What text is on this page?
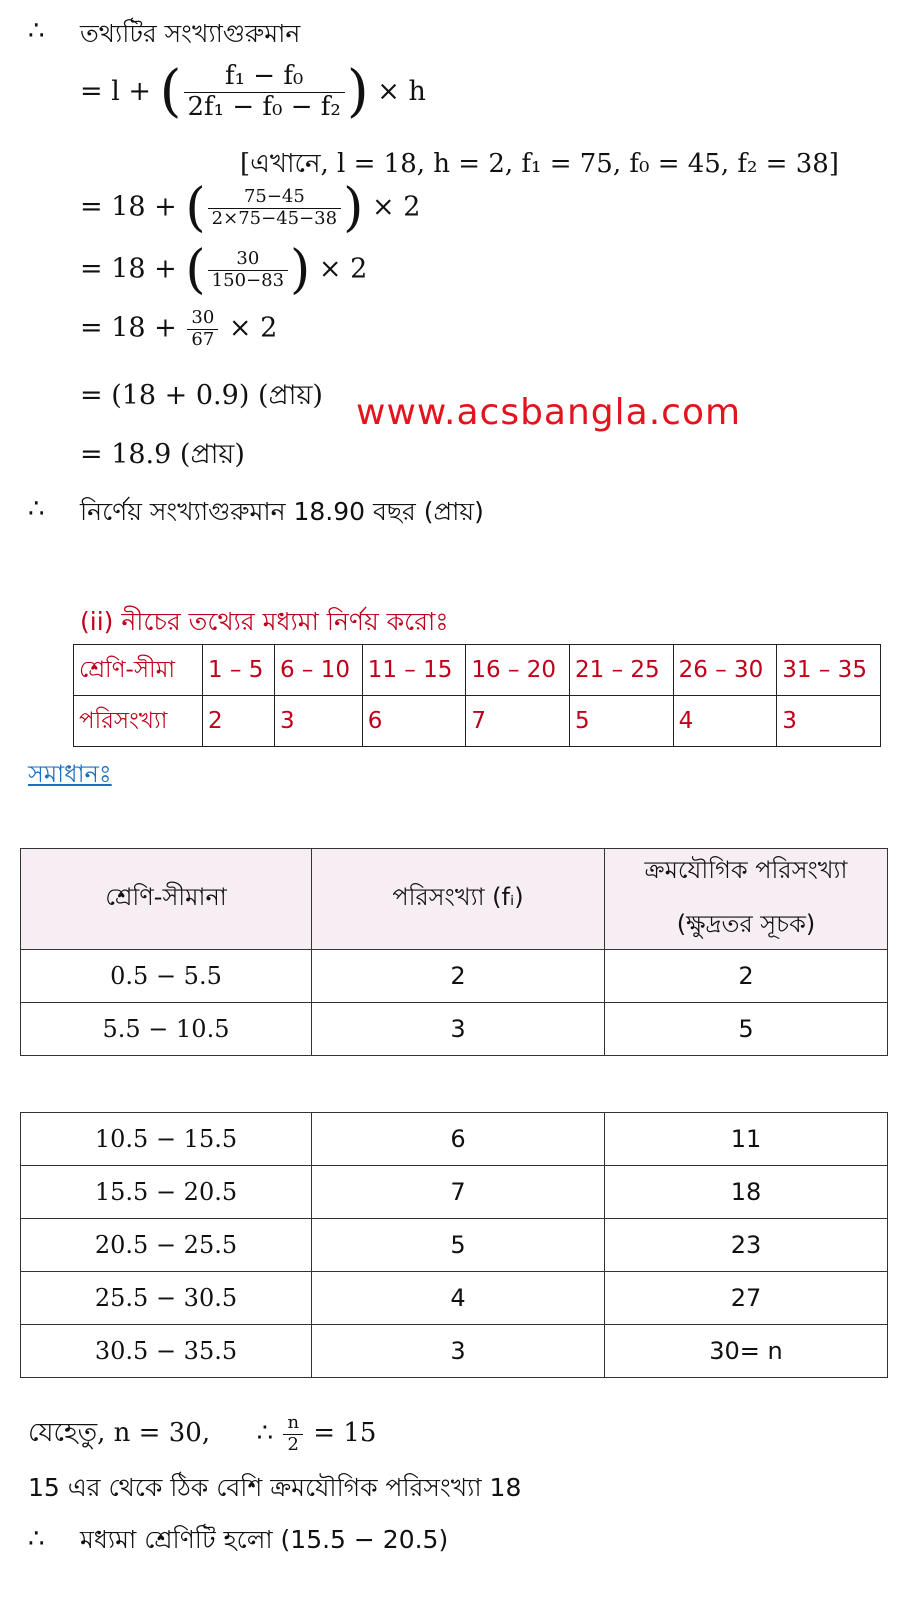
∴ তথ্যটির সংখ্যাগুরুমান
= l + ( $\frac{\text{f₁ − f₀}}{\text{2f₁ − f₀ − f₂}}$ ) × h
[এখানে, l = 18, h = 2, f₁ = 75, f₀ = 45, f₂ = 38]
= 18 + ( $\frac{75-45}{2\times 75-45-38}$ ) × 2
= 18 + ( $\frac{30}{150-83}$ ) × 2
= $18 + \frac{30}{67} \times 2$
= (18 + 0.9) (প্রায়) www.acsbangla.com
= 18.9 (প্রায়)
∴ নির্ণেয় সংখ্যাগুরুমান 18.90 বছর (প্রায়)
(ii) নীচের তথ্যের মধ্যমা নির্ণয় করোঃ
শ্রেণি-সীমা	1 – 5	6 – 10	11 – 15	16 – 20	21 – 25	26 – 30	31 – 35
পরিসংখ্যা	2	3	6	7	5	4	3
সমাধানঃ
শ্রেণি-সীমানা	পরিসংখ্যা (fᵢ)	ক্রমযৌগিক পরিসংখ্যা
(ক্ষুদ্রতর সূচক)

0.5 − 5.5	2	2
5.5 − 10.5	3	5
10.5 − 15.5	6	11
15.5 − 20.5	7	18
20.5 − 25.5	5	23
25.5 − 30.5	4	27
30.5 − 35.5	3	30= n
যেহেতু, n = 30, ∴ $\frac{n}{2} = 15$
15 এর থেকে ঠিক বেশি ক্রমযৌগিক পরিসংখ্যা 18
∴ মধ্যমা শ্রেণিটি হলো (15.5 − 20.5)
